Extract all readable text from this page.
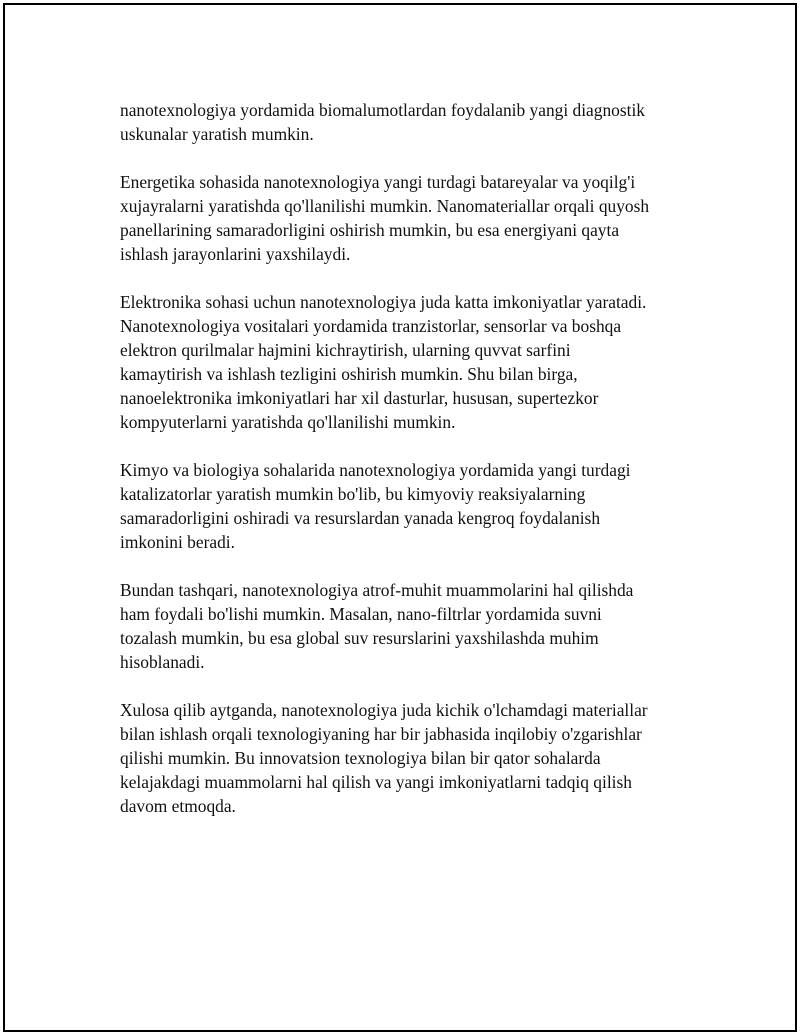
nanotexnologiya yordamida biomalumotlardan foydalanib yangi diagnostik
uskunalar yaratish mumkin.

Energetika sohasida nanotexnologiya yangi turdagi batareyalar va yoqilg'i
xujayralarni yaratishda qo'llanilishi mumkin. Nanomateriallar orqali quyosh
panellarining samaradorligini oshirish mumkin, bu esa energiyani qayta
ishlash jarayonlarini yaxshilaydi.

Elektronika sohasi uchun nanotexnologiya juda katta imkoniyatlar yaratadi.
Nanotexnologiya vositalari yordamida tranzistorlar, sensorlar va boshqa
elektron qurilmalar hajmini kichraytirish, ularning quvvat sarfini
kamaytirish va ishlash tezligini oshirish mumkin. Shu bilan birga,
nanoelektronika imkoniyatlari har xil dasturlar, hususan, supertezkor
kompyuterlarni yaratishda qo'llanilishi mumkin.

Kimyo va biologiya sohalarida nanotexnologiya yordamida yangi turdagi
katalizatorlar yaratish mumkin bo'lib, bu kimyoviy reaksiyalarning
samaradorligini oshiradi va resurslardan yanada kengroq foydalanish
imkonini beradi.

Bundan tashqari, nanotexnologiya atrof-muhit muammolarini hal qilishda
ham foydali bo'lishi mumkin. Masalan, nano-filtrlar yordamida suvni
tozalash mumkin, bu esa global suv resurslarini yaxshilashda muhim
hisoblanadi.

Xulosa qilib aytganda, nanotexnologiya juda kichik o'lchamdagi materiallar
bilan ishlash orqali texnologiyaning har bir jabhasida inqilobiy o'zgarishlar
qilishi mumkin. Bu innovatsion texnologiya bilan bir qator sohalarda
kelajakdagi muammolarni hal qilish va yangi imkoniyatlarni tadqiq qilish
davom etmoqda.
